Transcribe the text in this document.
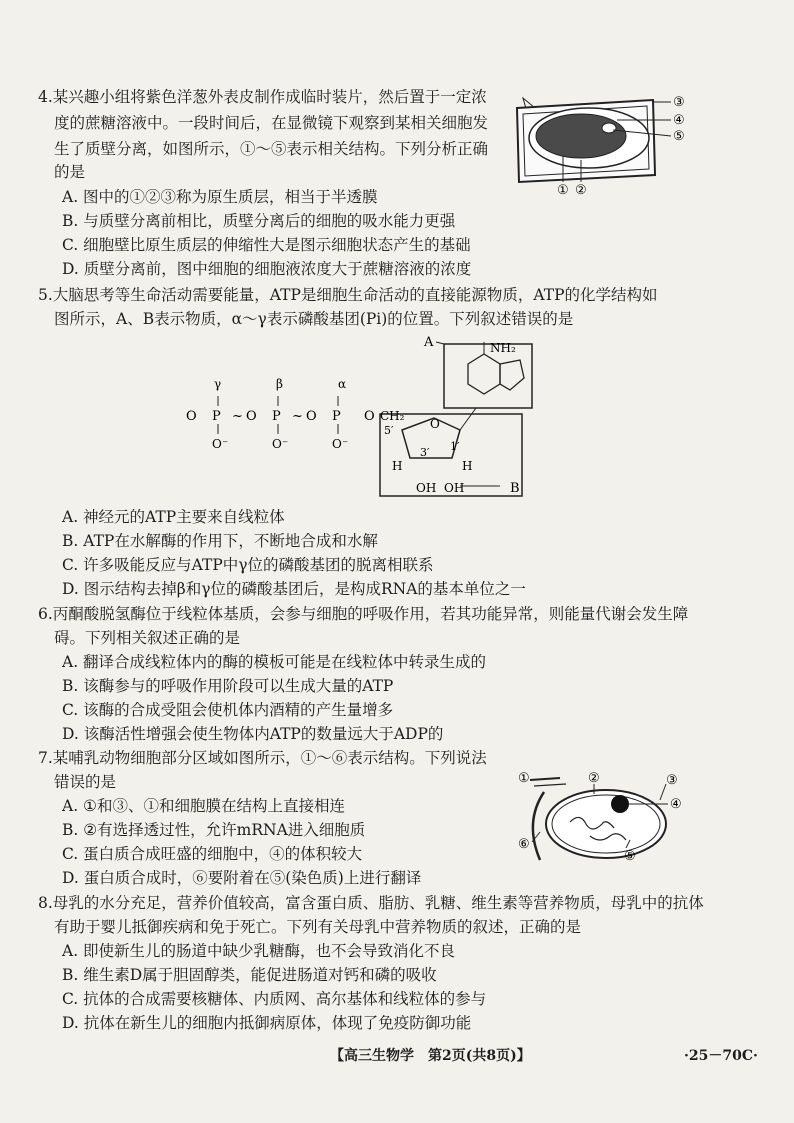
4.某兴趣小组将紫色洋葱外表皮制作成临时装片，然后置于一定浓
度的蔗糖溶液中。一段时间后，在显微镜下观察到某相关细胞发
生了质壁分离，如图所示，①～⑤表示相关结构。下列分析正确
的是
A. 图中的①②③称为原生质层，相当于半透膜
B. 与质壁分离前相比，质壁分离后的细胞的吸水能力更强
C. 细胞壁比原生质层的伸缩性大是图示细胞状态产生的基础
D. 质壁分离前，图中细胞的细胞液浓度大于蔗糖溶液的浓度
③
④
⑤
① ②
5.大脑思考等生命活动需要能量，ATP是细胞生命活动的直接能源物质，ATP的化学结构如
图所示，A、B表示物质，α～γ表示磷酸基团(Pi)的位置。下列叙述错误的是
A	NH₂
O
5′
3′ 1′
H	H
OH OH	B
O P
γ
~ O P
β
~ O P
α
O CH₂
O⁻	O⁻	O⁻
A. 神经元的ATP主要来自线粒体
B. ATP在水解酶的作用下，不断地合成和水解
C. 许多吸能反应与ATP中γ位的磷酸基团的脱离相联系
D. 图示结构去掉β和γ位的磷酸基团后，是构成RNA的基本单位之一
6.丙酮酸脱氢酶位于线粒体基质，会参与细胞的呼吸作用，若其功能异常，则能量代谢会发生障
碍。下列相关叙述正确的是
A. 翻译合成线粒体内的酶的模板可能是在线粒体中转录生成的
B. 该酶参与的呼吸作用阶段可以生成大量的ATP
C. 该酶的合成受阻会使机体内酒精的产生量增多
D. 该酶活性增强会使生物体内ATP的数量远大于ADP的
7.某哺乳动物细胞部分区域如图所示，①～⑥表示结构。下列说法
错误的是
A. ①和③、①和细胞膜在结构上直接相连
B. ②有选择透过性，允许mRNA进入细胞质
C. 蛋白质合成旺盛的细胞中，④的体积较大
D. 蛋白质合成时，⑥要附着在⑤(染色质)上进行翻译
①	②	③
④
⑤
⑥
8.母乳的水分充足，营养价值较高，富含蛋白质、脂肪、乳糖、维生素等营养物质，母乳中的抗体
有助于婴儿抵御疾病和免于死亡。下列有关母乳中营养物质的叙述，正确的是
A. 即使新生儿的肠道中缺少乳糖酶，也不会导致消化不良
B. 维生素D属于胆固醇类，能促进肠道对钙和磷的吸收
C. 抗体的合成需要核糖体、内质网、高尔基体和线粒体的参与
D. 抗体在新生儿的细胞内抵御病原体，体现了免疫防御功能
【高三生物学　第2页(共8页)】	·25－70C·
